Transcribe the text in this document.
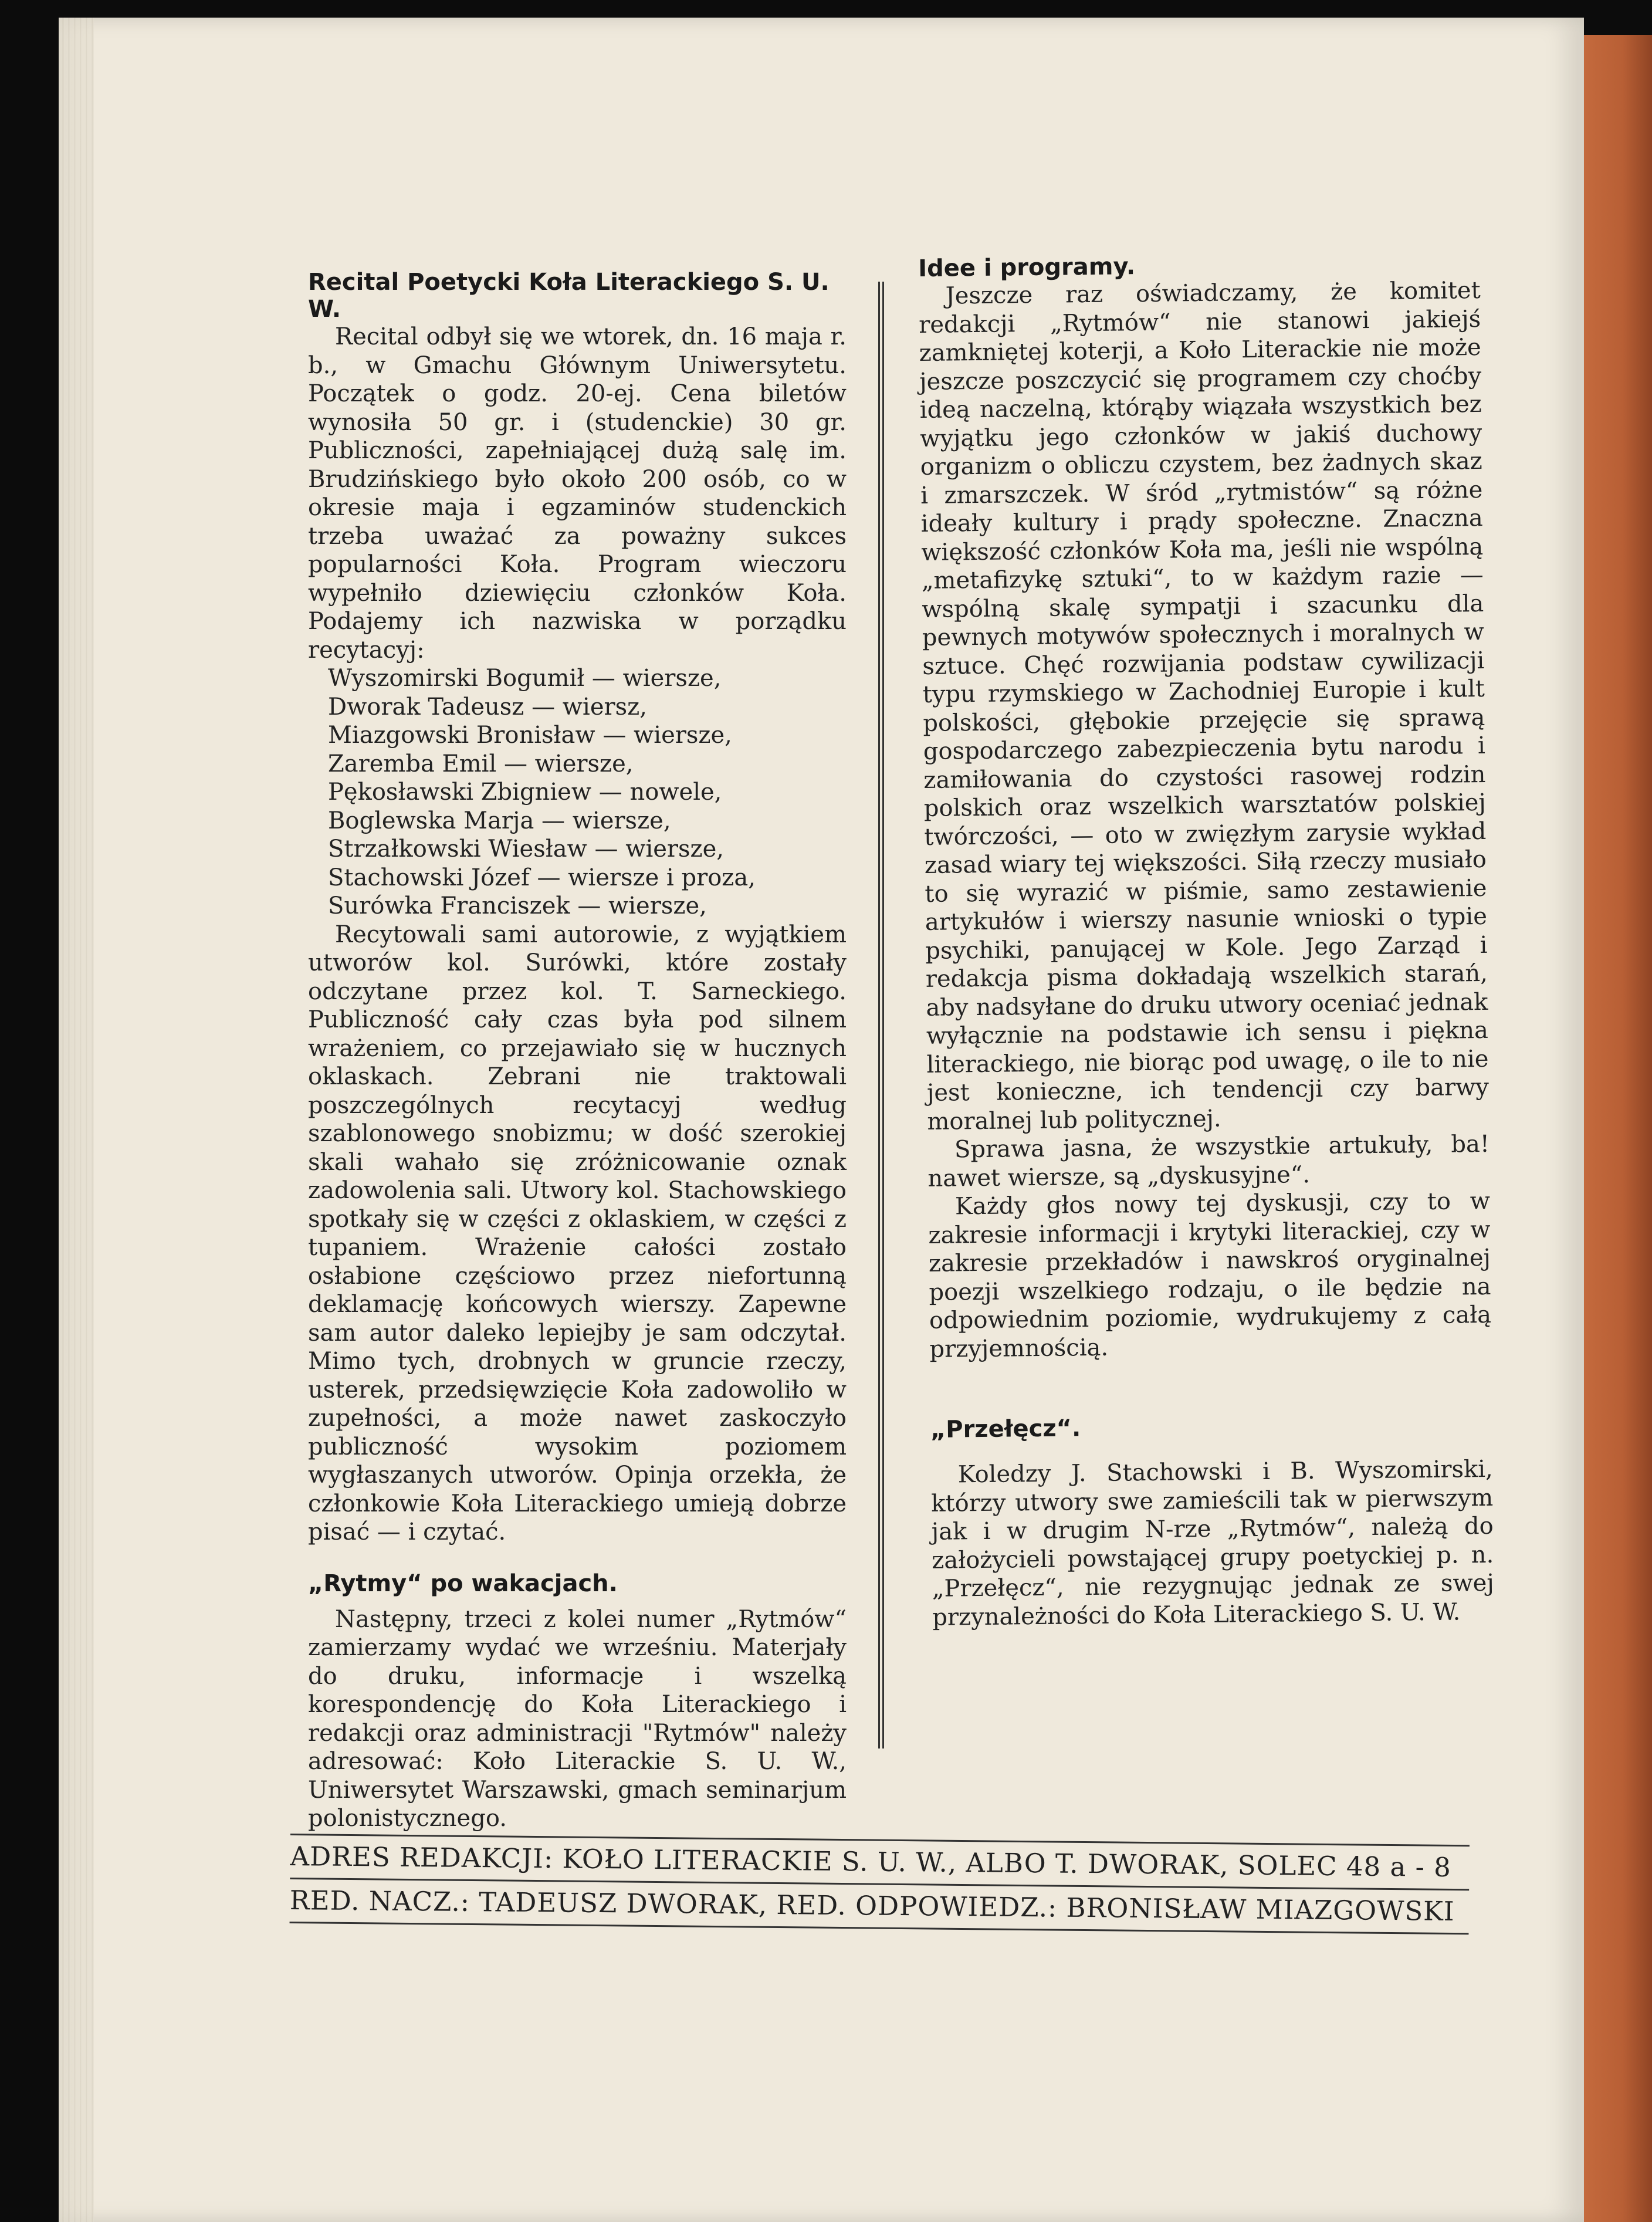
Recital Poetycki Koła Literackiego S. U. W.

Recital odbył się we wtorek, dn. 16 maja r. b., w Gmachu Głównym Uniwersytetu. Początek o godz. 20-ej. Cena biletów wynosiła 50 gr. i (studenckie) 30 gr. Publiczności, zapełniającej dużą salę im. Brudzińskiego było około 200 osób, co w okresie maja i egzaminów studenckich trzeba uważać za poważny sukces popularności Koła. Program wieczoru wypełniło dziewięciu członków Koła. Podajemy ich nazwiska w porządku recytacyj:

Wyszomirski Bogumił — wiersze,
Dworak Tadeusz — wiersz,
Miazgowski Bronisław — wiersze,
Zaremba Emil — wiersze,
Pękosławski Zbigniew — nowele,
Boglewska Marja — wiersze,
Strzałkowski Wiesław — wiersze,
Stachowski Józef — wiersze i proza,
Surówka Franciszek — wiersze,

Recytowali sami autorowie, z wyjątkiem utworów kol. Surówki, które zostały odczytane przez kol. T. Sarneckiego. Publiczność cały czas była pod silnem wrażeniem, co przejawiało się w hucznych oklaskach. Zebrani nie traktowali poszczególnych recytacyj według szablonowego snobizmu; w dość szerokiej skali wahało się zróżnicowanie oznak zadowolenia sali. Utwory kol. Stachowskiego spotkały się w części z oklaskiem, w części z tupaniem. Wrażenie całości zostało osłabione częściowo przez niefortunną deklamację końcowych wierszy. Zapewne sam autor daleko lepiejby je sam odczytał. Mimo tych, drobnych w gruncie rzeczy, usterek, przedsięwzięcie Koła zadowoliło w zupełności, a może nawet zaskoczyło publiczność wysokim poziomem wygłaszanych utworów. Opinja orzekła, że członkowie Koła Literackiego umieją dobrze pisać — i czytać.

„Rytmy“ po wakacjach.

Następny, trzeci z kolei numer „Rytmów“ zamierzamy wydać we wrześniu. Materjały do druku, informacje i wszelką korespondencję do Koła Literackiego i redakcji oraz administracji "Rytmów" należy adresować: Koło Literackie S. U. W., Uniwersytet Warszawski, gmach seminarjum polonistycznego.

Idee i programy.

Jeszcze raz oświadczamy, że komitet redakcji „Rytmów“ nie stanowi jakiejś zamkniętej koterji, a Koło Literackie nie może jeszcze poszczycić się programem czy choćby ideą naczelną, którąby wiązała wszystkich bez wyjątku jego członków w jakiś duchowy organizm o obliczu czystem, bez żadnych skaz i zmarszczek. W śród „rytmistów“ są różne ideały kultury i prądy społeczne. Znaczna większość członków Koła ma, jeśli nie wspólną „metafizykę sztuki“, to w każdym razie — wspólną skalę sympatji i szacunku dla pewnych motywów społecznych i moralnych w sztuce. Chęć rozwijania podstaw cywilizacji typu rzymskiego w Zachodniej Europie i kult polskości, głębokie przejęcie się sprawą gospodarczego zabezpieczenia bytu narodu i zamiłowania do czystości rasowej rodzin polskich oraz wszelkich warsztatów polskiej twórczości, — oto w zwięzłym zarysie wykład zasad wiary tej większości. Siłą rzeczy musiało to się wyrazić w piśmie, samo zestawienie artykułów i wierszy nasunie wnioski o typie psychiki, panującej w Kole. Jego Zarząd i redakcja pisma dokładają wszelkich starań, aby nadsyłane do druku utwory oceniać jednak wyłącznie na podstawie ich sensu i piękna literackiego, nie biorąc pod uwagę, o ile to nie jest konieczne, ich tendencji czy barwy moralnej lub politycznej.

Sprawa jasna, że wszystkie artukuły, ba! nawet wiersze, są „dyskusyjne“.

Każdy głos nowy tej dyskusji, czy to w zakresie informacji i krytyki literackiej, czy w zakresie przekładów i nawskroś oryginalnej poezji wszelkiego rodzaju, o ile będzie na odpowiednim poziomie, wydrukujemy z całą przyjemnością.

„Przełęcz“.

Koledzy J. Stachowski i B. Wyszomirski, którzy utwory swe zamieścili tak w pierwszym jak i w drugim N-rze „Rytmów“, należą do założycieli powstającej grupy poetyckiej p. n. „Przełęcz“, nie rezygnując jednak ze swej przynależności do Koła Literackiego S. U. W.

ADRES REDAKCJI: KOŁO LITERACKIE S. U. W., ALBO T. DWORAK, SOLEC 48 a - 8
RED. NACZ.: TADEUSZ DWORAK, RED. ODPOWIEDZ.: BRONISŁAW MIAZGOWSKI
